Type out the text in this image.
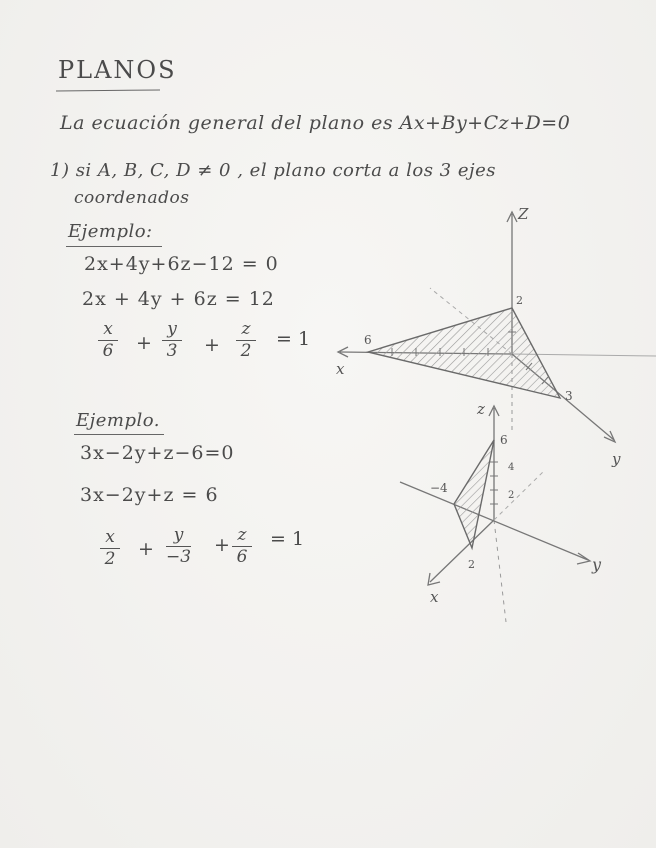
PLANOS
La ecuación general del plano es Ax+By+Cz+D=0
1) si A, B, C, D ≠ 0 , el plano corta a los 3 ejes
coordenados
Ejemplo:
2x+4y+6z−12 = 0
2x + 4y + 6z = 12
x
6 +
y
3 +
z
2
= 1
Ejemplo.
3x−2y+z−6=0
3x−2y+z = 6
x
2 +
y
−3
+ z
6
= 1
Z
x
y
6
3
2
z
x
y
6
−4
2
4
2
